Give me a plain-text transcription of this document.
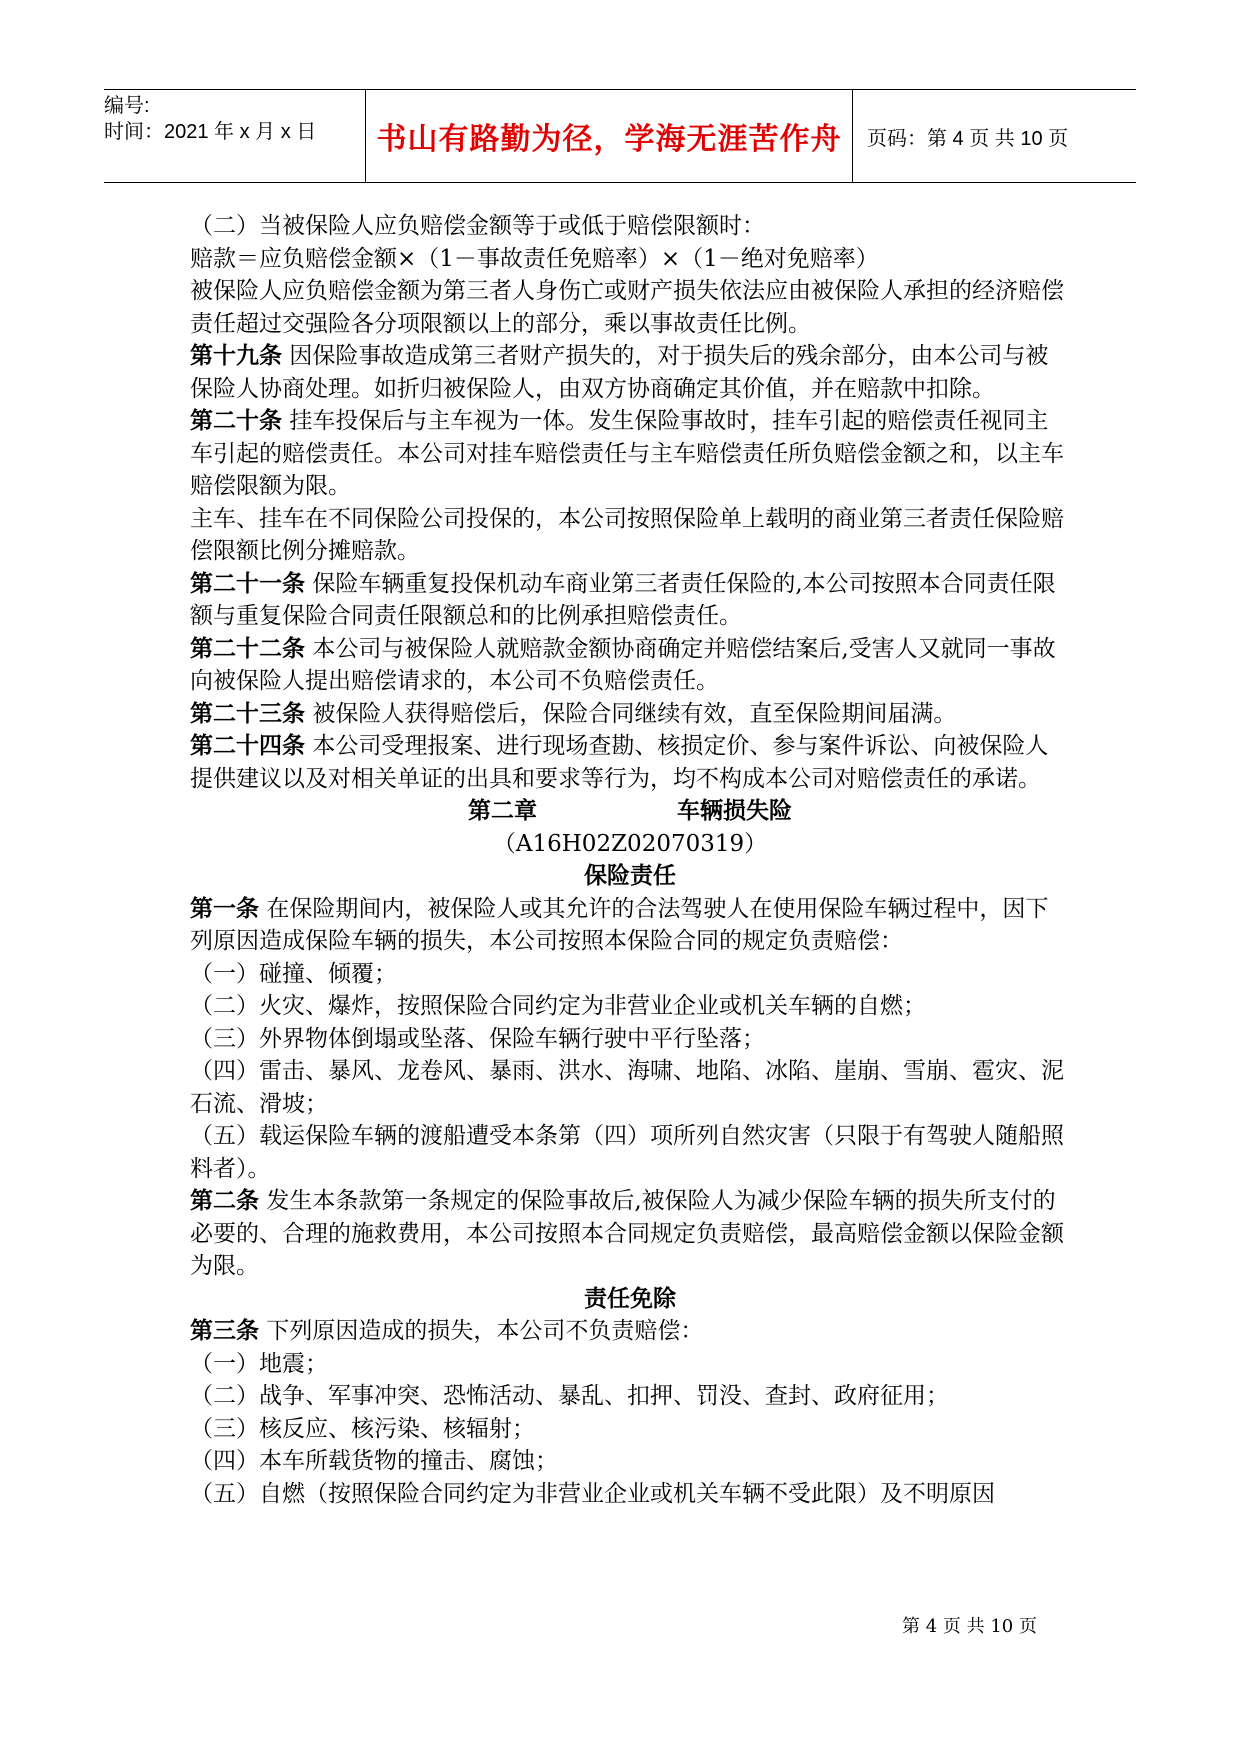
编号:
时间：2021 年 x 月 x 日	书山有路勤为径，学海无涯苦作舟	页码：第 4 页 共 10 页

（二）当被保险人应负赔偿金额等于或低于赔偿限额时：

赔款＝应负赔偿金额×（1－事故责任免赔率）×（1－绝对免赔率）

被保险人应负赔偿金额为第三者人身伤亡或财产损失依法应由被保险人承担的经济赔偿责任超过交强险各分项限额以上的部分，乘以事故责任比例。

第十九条 因保险事故造成第三者财产损失的，对于损失后的残余部分，由本公司与被保险人协商处理。如折归被保险人，由双方协商确定其价值，并在赔款中扣除。

第二十条 挂车投保后与主车视为一体。发生保险事故时，挂车引起的赔偿责任视同主车引起的赔偿责任。本公司对挂车赔偿责任与主车赔偿责任所负赔偿金额之和，以主车赔偿限额为限。

主车、挂车在不同保险公司投保的，本公司按照保险单上载明的商业第三者责任保险赔偿限额比例分摊赔款。

第二十一条 保险车辆重复投保机动车商业第三者责任保险的,本公司按照本合同责任限额与重复保险合同责任限额总和的比例承担赔偿责任。

第二十二条 本公司与被保险人就赔款金额协商确定并赔偿结案后,受害人又就同一事故向被保险人提出赔偿请求的，本公司不负赔偿责任。

第二十三条 被保险人获得赔偿后，保险合同继续有效，直至保险期间届满。

第二十四条 本公司受理报案、进行现场查勘、核损定价、参与案件诉讼、向被保险人提供建议以及对相关单证的出具和要求等行为，均不构成本公司对赔偿责任的承诺。

第二章	车辆损失险

（A16H02Z02070319）

保险责任

第一条 在保险期间内，被保险人或其允许的合法驾驶人在使用保险车辆过程中，因下列原因造成保险车辆的损失，本公司按照本保险合同的规定负责赔偿：

（一）碰撞、倾覆；

（二）火灾、爆炸，按照保险合同约定为非营业企业或机关车辆的自燃；

（三）外界物体倒塌或坠落、保险车辆行驶中平行坠落；

（四）雷击、暴风、龙卷风、暴雨、洪水、海啸、地陷、冰陷、崖崩、雪崩、雹灾、泥石流、滑坡；

（五）载运保险车辆的渡船遭受本条第（四）项所列自然灾害（只限于有驾驶人随船照料者）。

第二条 发生本条款第一条规定的保险事故后,被保险人为减少保险车辆的损失所支付的必要的、合理的施救费用，本公司按照本合同规定负责赔偿，最高赔偿金额以保险金额为限。

责任免除

第三条 下列原因造成的损失，本公司不负责赔偿：

（一）地震；

（二）战争、军事冲突、恐怖活动、暴乱、扣押、罚没、查封、政府征用；

（三）核反应、核污染、核辐射；

（四）本车所载货物的撞击、腐蚀；

（五）自燃（按照保险合同约定为非营业企业或机关车辆不受此限）及不明原因

第 4 页 共 10 页
